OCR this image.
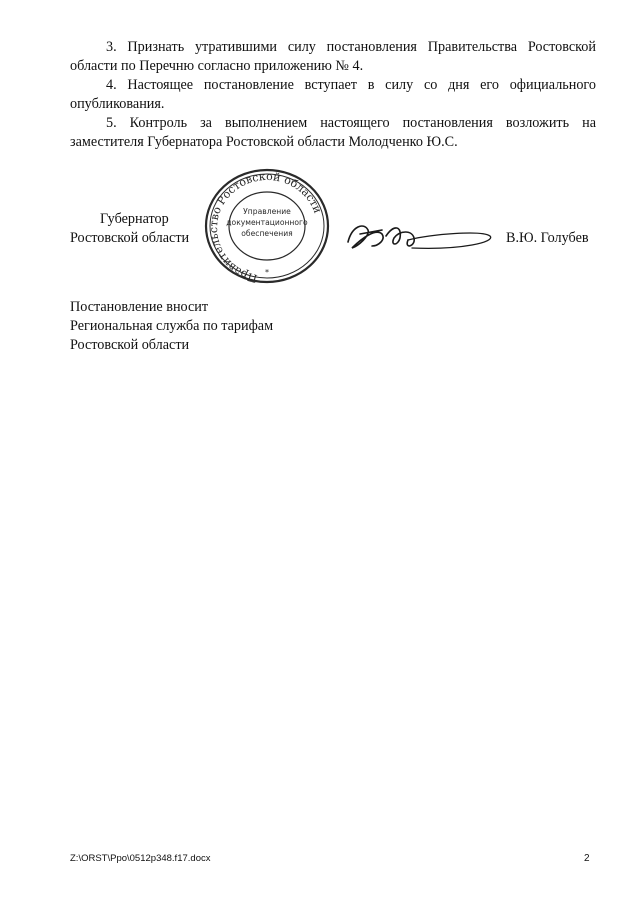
3. Признать утратившими силу постановления Правительства Ростовской области по Перечню согласно приложению № 4.

4. Настоящее постановление вступает в силу со дня его официального опубликования.

5. Контроль за выполнением настоящего постановления возложить на заместителя Губернатора Ростовской области Молодченко Ю.С.

Губернатор
Ростовской области
Правительство Ростовской области
Управление
документационного
обеспечения
*
В.Ю. Голубев
Постановление вносит
Региональная служба по тарифам
Ростовской области
Z:\ORST\Ppo\0512p348.f17.docx	2
